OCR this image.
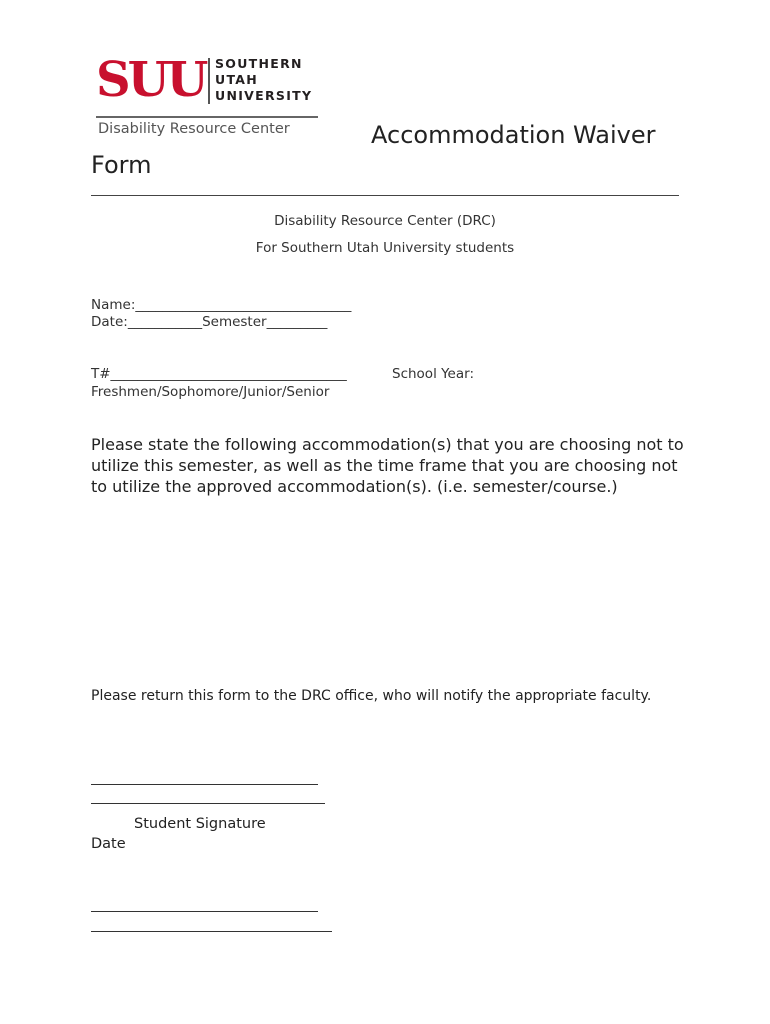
SUU SOUTHERN
UTAH
UNIVERSITY
Disability Resource Center	Accommodation Waiver
Form
Disability Resource Center (DRC)
For Southern Utah University students
Name:________________________________
Date:___________Semester_________
T#___________________________________	School Year:
Freshmen/Sophomore/Junior/Senior
Please state the following accommodation(s) that you are choosing not to utilize this semester, as well as the time frame that you are choosing not to utilize the approved accommodation(s). (i.e. semester/course.)
Please return this form to the DRC office, who will notify the appropriate faculty.
Student Signature
Date
